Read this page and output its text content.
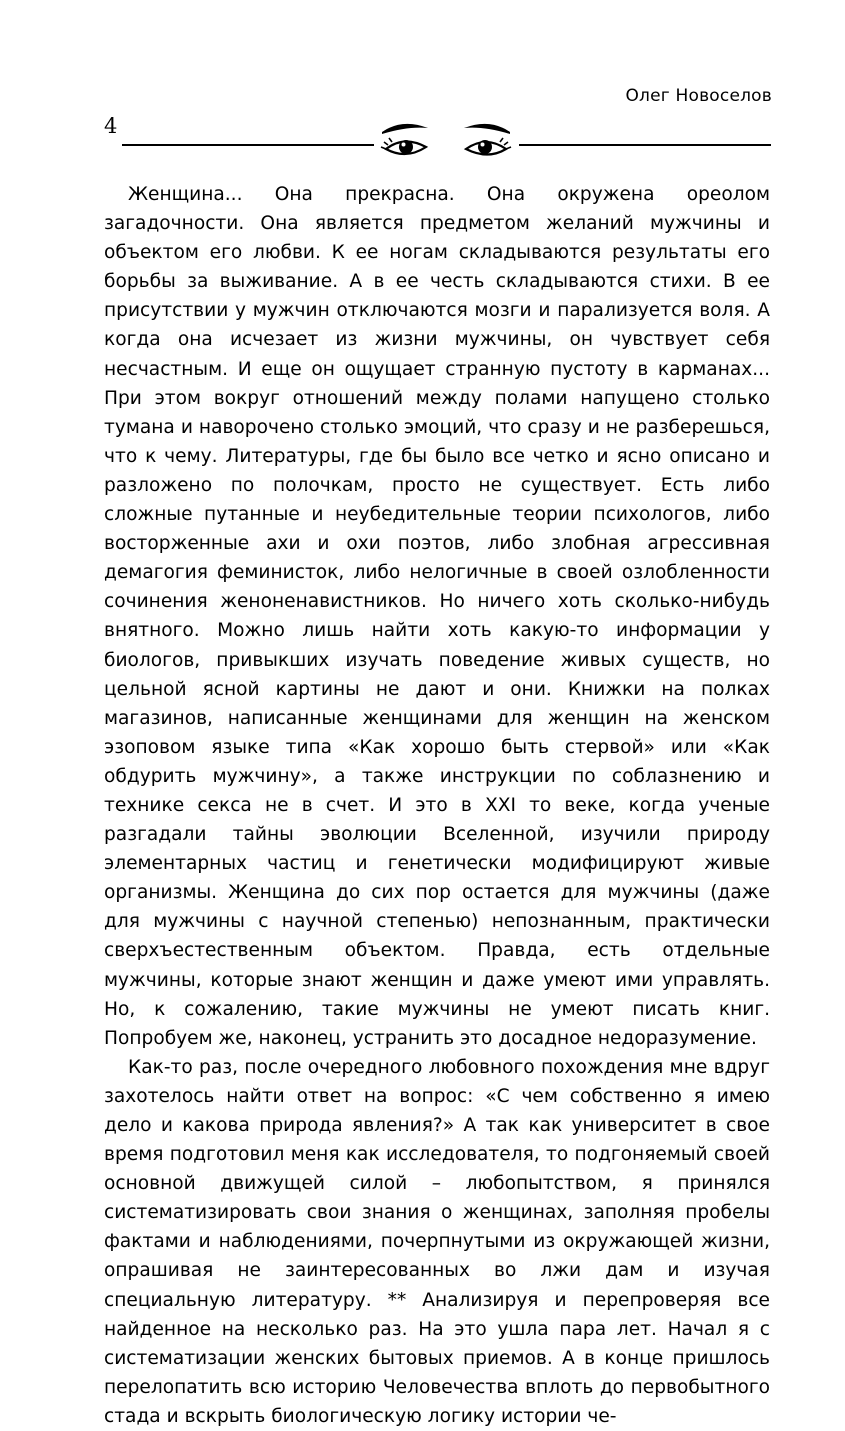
Олег Новоселов
4

Женщина... Она прекрасна. Она окружена ореолом загадочности. Она является предметом желаний мужчины и объектом его любви. К ее ногам складываются результаты его борьбы за выживание. А в ее честь складываются стихи. В ее присутствии у мужчин отключаются мозги и парализуется воля. А когда она исчезает из жизни мужчины, он чувствует себя несчастным. И еще он ощущает странную пустоту в карманах... При этом вокруг отношений между полами напущено столько тумана и наворочено столько эмоций, что сразу и не разберешься, что к чему. Литературы, где бы было все четко и ясно описано и разложено по полочкам, просто не существует. Есть либо сложные путанные и неубедительные теории психологов, либо восторженные ахи и охи поэтов, либо злобная агрессивная демагогия феминисток, либо нелогичные в своей озлобленности сочинения женоненавистников. Но ничего хоть сколько-нибудь внятного. Можно лишь найти хоть какую-то информации у биологов, привыкших изучать поведение живых существ, но цельной ясной картины не дают и они. Книжки на полках магазинов, написанные женщинами для женщин на женском эзоповом языке типа «Как хорошо быть стервой» или «Как обдурить мужчину», а также инструкции по соблазнению и технике секса не в счет. И это в XXI то веке, когда ученые разгадали тайны эволюции Вселенной, изучили природу элементарных частиц и генетически модифицируют живые организмы. Женщина до сих пор остается для мужчины (даже для мужчины с научной степенью) непознанным, практически сверхъестественным объектом. Правда, есть отдельные мужчины, которые знают женщин и даже умеют ими управлять. Но, к сожалению, такие мужчины не умеют писать книг. Попробуем же, наконец, устранить это досадное недоразумение.

Как-то раз, после очередного любовного похождения мне вдруг захотелось найти ответ на вопрос: «С чем собственно я имею дело и какова природа явления?» А так как университет в свое время подготовил меня как исследователя, то подгоняемый своей основной движущей силой – любопытством, я принялся систематизировать свои знания о женщинах, заполняя пробелы фактами и наблюдениями, почерпнутыми из окружающей жизни, опрашивая не заинтересованных во лжи дам и изучая специальную литературу. ** Анализируя и перепроверяя все найденное на несколько раз. На это ушла пара лет. Начал я с систематизации женских бытовых приемов. А в конце пришлось перелопатить всю историю Человечества вплоть до первобытного стада и вскрыть биологическую логику истории че-
